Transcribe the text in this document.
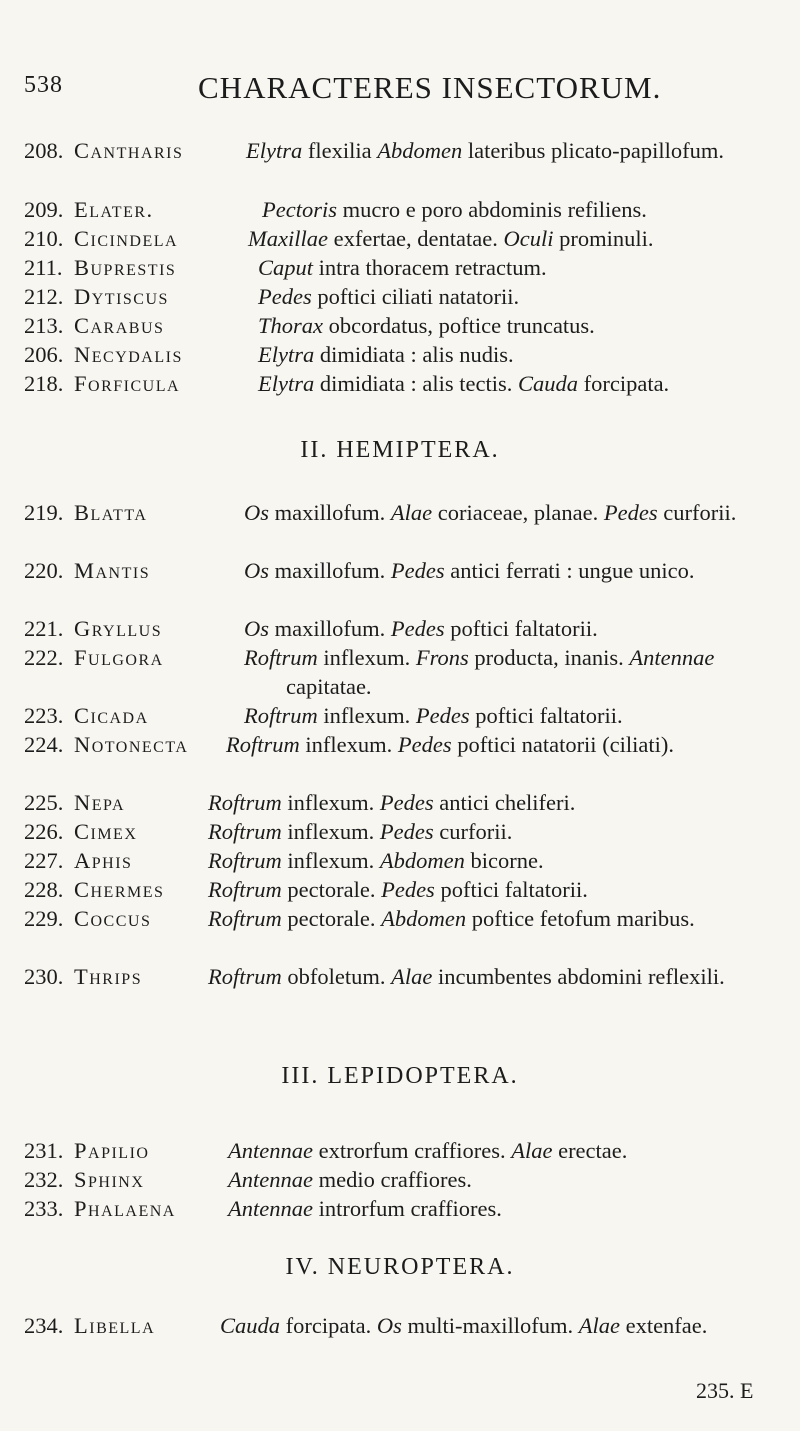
538	CHARACTERES INSECTORUM.
208. Cantharis	Elytra flexilia Abdomen lateribus plicato-papillofum.
209. Elater.	Pectoris mucro e poro abdominis refiliens.
210. Cicindela	Maxillae exfertae, dentatae. Oculi prominuli.
211. Buprestis	Caput intra thoracem retractum.
212. Dytiscus	Pedes poftici ciliati natatorii.
213. Carabus	Thorax obcordatus, poftice truncatus.
206. Necydalis	Elytra dimidiata : alis nudis.
218. Forficula	Elytra dimidiata : alis tectis. Cauda forcipata.
II. HEMIPTERA.
219. Blatta	Os maxillofum. Alae coriaceae, planae. Pedes curforii.
220. Mantis	Os maxillofum. Pedes antici ferrati : ungue unico.
221. Gryllus	Os maxillofum. Pedes poftici faltatorii.
222. Fulgora	Roftrum inflexum. Frons producta, inanis. Antennae capitatae.
223. Cicada	Roftrum inflexum. Pedes poftici faltatorii.
224. Notonecta Roftrum inflexum. Pedes poftici natatorii (ciliati).
225. Nepa	Roftrum inflexum. Pedes antici cheliferi.
226. Cimex	Roftrum inflexum. Pedes curforii.
227. Aphis	Roftrum inflexum. Abdomen bicorne.
228. Chermes Roftrum pectorale. Pedes poftici faltatorii.
229. Coccus	Roftrum pectorale. Abdomen poftice fetofum maribus.
230. Thrips	Roftrum obfoletum. Alae incumbentes abdomini reflexili.
III. LEPIDOPTERA.
231. Papilio	Antennae extrorfum craffiores. Alae erectae.
232. Sphinx	Antennae medio craffiores.
233. Phalaena Antennae introrfum craffiores.
IV. NEUROPTERA.
234. Libella	Cauda forcipata. Os multi-maxillofum. Alae extenfae.
235. E
